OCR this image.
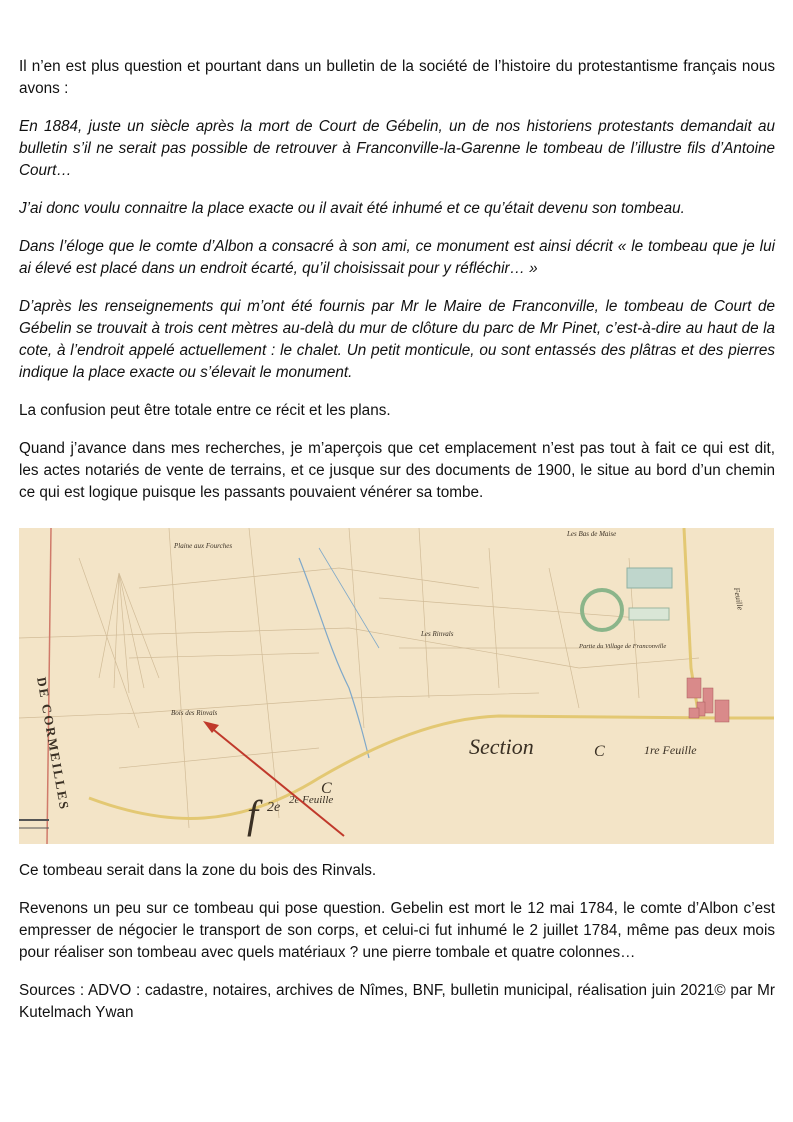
Il n’en est plus question et pourtant dans un bulletin de la société de l’histoire du protestantisme français nous avons :

En 1884, juste un siècle après la mort de Court de Gébelin, un de nos historiens protestants demandait au bulletin s’il ne serait pas possible de retrouver à Franconville-la-Garenne le tombeau de l’illustre fils d’Antoine Court…

J’ai donc voulu connaitre la place exacte ou il avait été inhumé et ce qu’était devenu son tombeau.

Dans l’éloge que le comte d’Albon a consacré à son ami, ce monument est ainsi décrit « le tombeau que je lui ai élevé est placé dans un endroit écarté, qu’il choisissait pour y réfléchir… »

D’après les renseignements qui m’ont été fournis par Mr le Maire de Franconville, le tombeau de Court de Gébelin se trouvait à trois cent mètres au-delà du mur de clôture du parc de Mr Pinet, c’est-à-dire au haut de la cote, à l’endroit appelé actuellement : le chalet. Un petit monticule, ou sont entassés des plâtras et des pierres indique la place exacte ou s’élevait le monument.

La confusion peut être totale entre ce récit et les plans.

Quand j’avance dans mes recherches, je m’aperçois que cet emplacement n’est pas tout à fait ce qui est dit, les actes notariés de vente de terrains, et ce jusque sur des documents de 1900, le situe au bord d’un chemin ce qui est logique puisque les passants pouvaient vénérer sa tombe.

DE CORMEILLES
Plaine aux Fourches
Les Bas de Maise
Feuille
Les Rinvals
Partie du Village de Franconville
Bois des Rinvals
Section	C	1re Feuille
2e Feuille
C
f 2e

Ce tombeau serait dans la zone du bois des Rinvals.

Revenons un peu sur ce tombeau qui pose question. Gebelin est mort le 12 mai 1784, le comte d’Albon c’est empresser de négocier le transport de son corps, et celui-ci fut inhumé le 2 juillet 1784, même pas deux mois pour réaliser son tombeau avec quels matériaux ? une pierre tombale et quatre colonnes…

Sources : ADVO : cadastre, notaires, archives de Nîmes, BNF, bulletin municipal, réalisation juin 2021© par Mr Kutelmach Ywan
